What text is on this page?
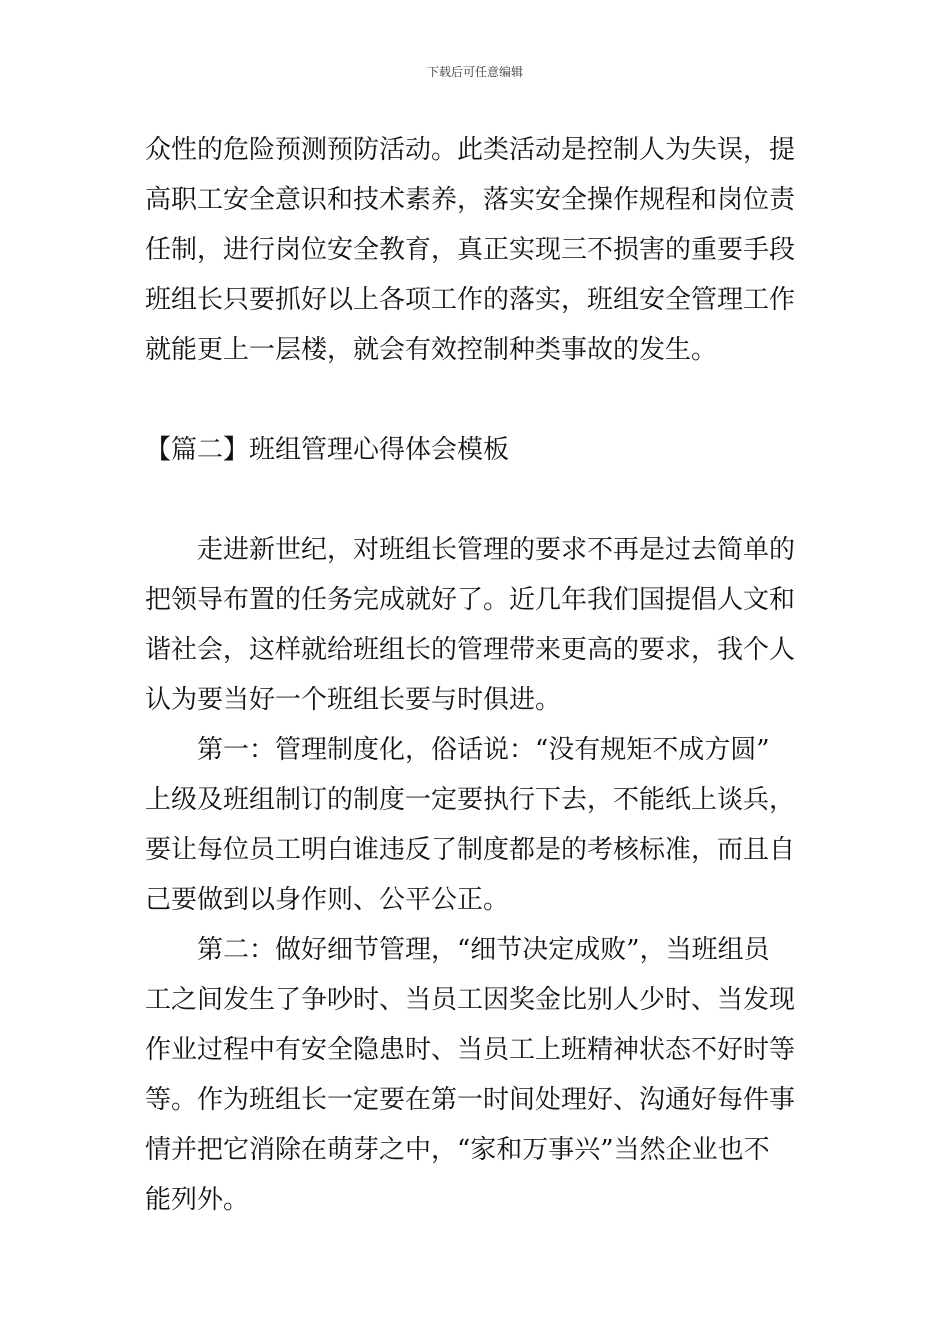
下载后可任意编辑
众性的危险预测预防活动。此类活动是控制人为失误，提
高职工安全意识和技术素养，落实安全操作规程和岗位责
任制，进行岗位安全教育，真正实现三不损害的重要手段
班组长只要抓好以上各项工作的落实，班组安全管理工作
就能更上一层楼，就会有效控制种类事故的发生。
【篇二】班组管理心得体会模板
走进新世纪，对班组长管理的要求不再是过去简单的
把领导布置的任务完成就好了。近几年我们国提倡人文和
谐社会，这样就给班组长的管理带来更高的要求，我个人
认为要当好一个班组长要与时俱进。
第一：管理制度化，俗话说：“没有规矩不成方圆”
上级及班组制订的制度一定要执行下去，不能纸上谈兵，
要让每位员工明白谁违反了制度都是的考核标准，而且自
己要做到以身作则、公平公正。
第二：做好细节管理，“细节决定成败”，当班组员
工之间发生了争吵时、当员工因奖金比别人少时、当发现
作业过程中有安全隐患时、当员工上班精神状态不好时等
等。作为班组长一定要在第一时间处理好、沟通好每件事
情并把它消除在萌芽之中，“家和万事兴”当然企业也不
能列外。
